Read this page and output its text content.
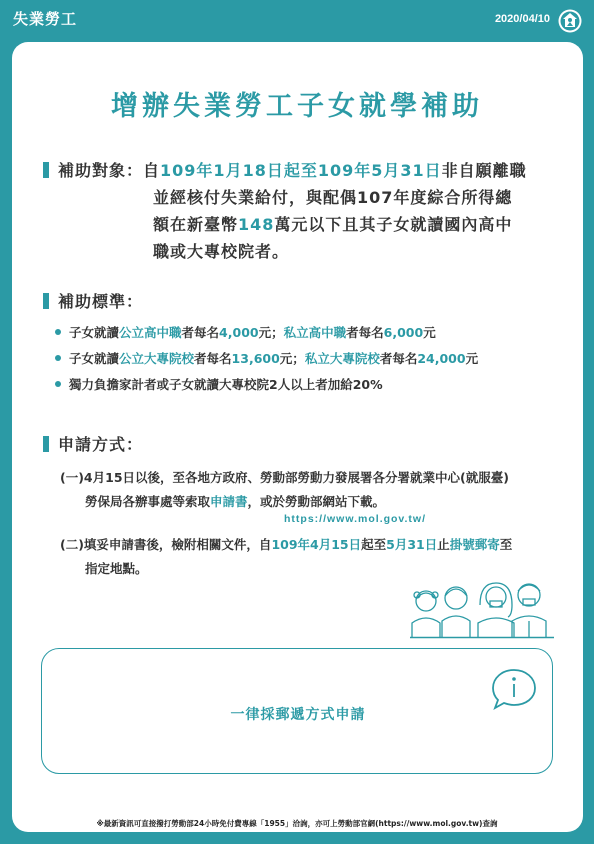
失業勞工	2020/04/10
增辦失業勞工子女就學補助
補助對象：自109年1月18日起至109年5月31日非自願離職
並經核付失業給付，與配偶107年度綜合所得總
額在新臺幣148萬元以下且其子女就讀國內高中
職或大專校院者。
補助標準：
子女就讀公立高中職者每名4,000元；私立高中職者每名6,000元
子女就讀公立大專院校者每名13,600元；私立大專院校者每名24,000元
獨力負擔家計者或子女就讀大專校院2人以上者加給20%
申請方式：
(一)4月15日以後，至各地方政府、勞動部勞動力發展署各分署就業中心(就服臺)
勞保局各辦事處等索取申請書，或於勞動部網站下載。
https://www.mol.gov.tw/
(二)填妥申請書後，檢附相關文件，自109年4月15日起至5月31日止掛號郵寄至
指定地點。
一律採郵遞方式申請
※最新資訊可直接撥打勞動部24小時免付費專線「1955」洽詢，亦可上勞動部官網(https://www.mol.gov.tw)查詢
